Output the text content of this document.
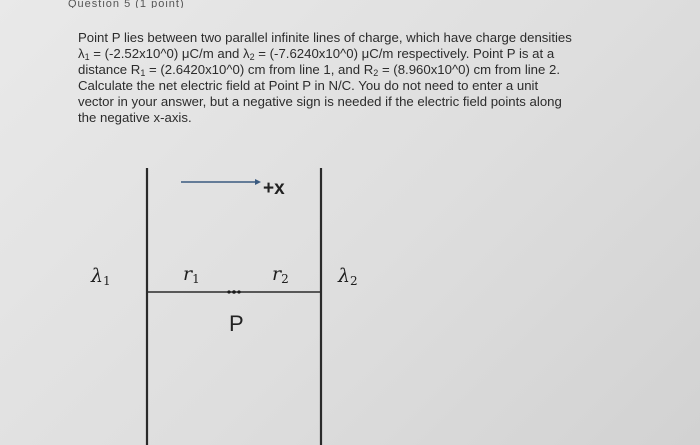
Question 5 (1 point)

Point P lies between two parallel infinite lines of charge, which have charge densities

$\lambda_1$ = (-2.52x10^0) μC/m and $\lambda_2$ = (-7.6240x10^0) μC/m respectively. Point P is at a

distance $R_1$ = (2.6420x10^0) cm from line 1, and $R_2$ = (8.960x10^0) cm from line 2.

Calculate the net electric field at Point P in N/C. You do not need to enter a unit

vector in your answer, but a negative sign is needed if the electric field points along

the negative x-axis.

$\lambda_1$	$r_1$	$r_2$	$\lambda_2$
+x
P
